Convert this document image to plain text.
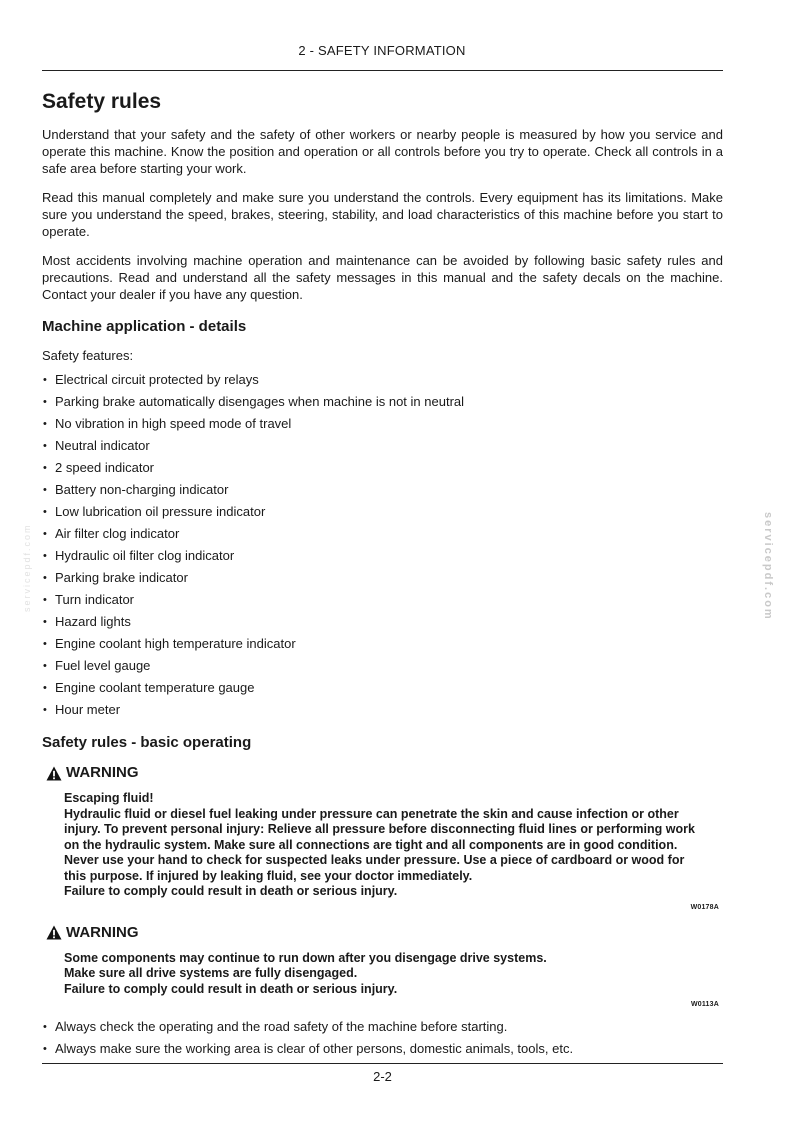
2 - SAFETY INFORMATION
Safety rules

Understand that your safety and the safety of other workers or nearby people is measured by how you service and operate this machine. Know the position and operation or all controls before you try to operate. Check all controls in a safe area before starting your work.

Read this manual completely and make sure you understand the controls. Every equipment has its limitations. Make sure you understand the speed, brakes, steering, stability, and load characteristics of this machine before you start to operate.

Most accidents involving machine operation and maintenance can be avoided by following basic safety rules and precautions. Read and understand all the safety messages in this manual and the safety decals on the machine. Contact your dealer if you have any question.

Machine application - details
Safety features:
• Electrical circuit protected by relays
• Parking brake automatically disengages when machine is not in neutral
• No vibration in high speed mode of travel
• Neutral indicator
• 2 speed indicator
• Battery non-charging indicator
• Low lubrication oil pressure indicator
• Air filter clog indicator
• Hydraulic oil filter clog indicator
• Parking brake indicator
• Turn indicator
• Hazard lights
• Engine coolant high temperature indicator
• Fuel level gauge
• Engine coolant temperature gauge
• Hour meter
Safety rules - basic operating
WARNING
Escaping fluid!
Hydraulic fluid or diesel fuel leaking under pressure can penetrate the skin and cause infection or other injury. To prevent personal injury: Relieve all pressure before disconnecting fluid lines or performing work on the hydraulic system. Make sure all connections are tight and all components are in good condition. Never use your hand to check for suspected leaks under pressure. Use a piece of cardboard or wood for this purpose. If injured by leaking fluid, see your doctor immediately.
Failure to comply could result in death or serious injury.
W0178A
WARNING
Some components may continue to run down after you disengage drive systems.
Make sure all drive systems are fully disengaged.
Failure to comply could result in death or serious injury.
W0113A
• Always check the operating and the road safety of the machine before starting.
• Always make sure the working area is clear of other persons, domestic animals, tools, etc.
2-2
servicepdf.com
servicepdf.com
